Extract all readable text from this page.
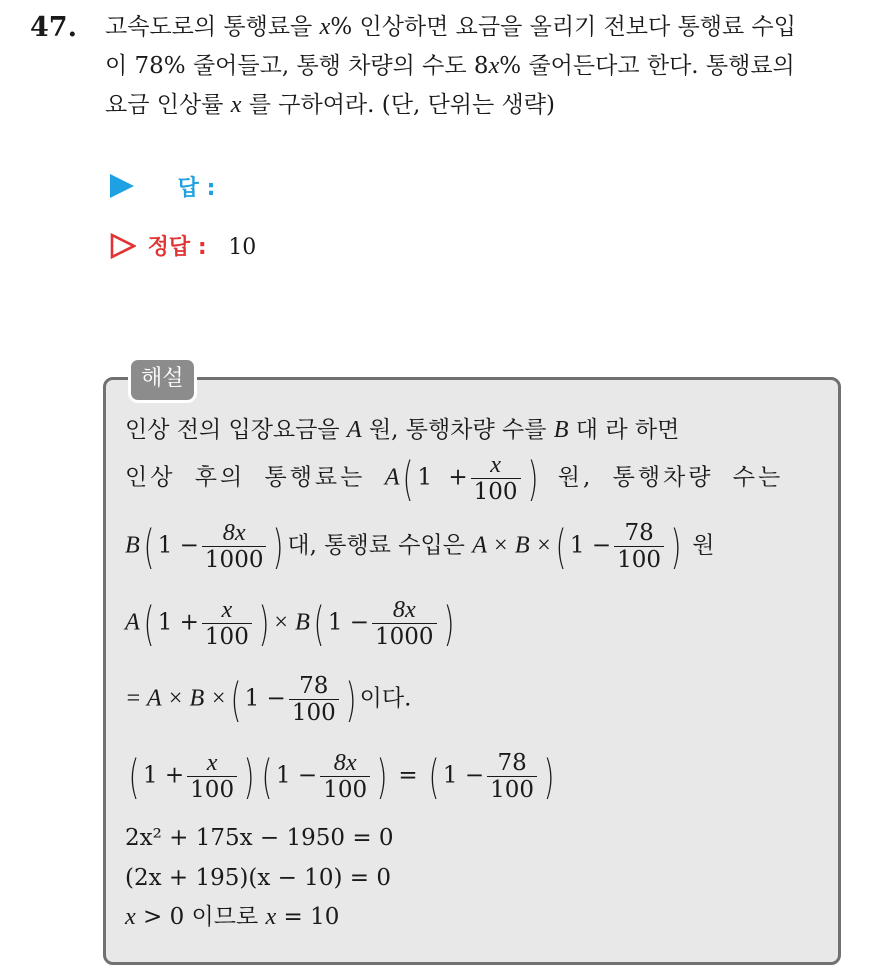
47. 고속도로의 통행료을 x% 인상하면 요금을 올리기 전보다 통행료 수입
이 78% 줄어들고, 통행 차량의 수도 8x% 줄어든다고 한다. 통행료의
요금 인상률 x 를 구하여라. (단, 단위는 생략)
답 :
정답 : 10
해설
인상 전의 입장요금을 A 원, 통행차량 수를 B 대 라 하면
인상 후의 통행료는 A( $1 + \frac{x}{100}$ ) 원, 통행차량 수는
B( $1 - \frac{8x}{1000}$ ) 대, 통행료 수입은 A × B ×( $1 - \frac{78}{100}$ ) 원
A( $1 + \frac{x}{100}$ ) × B( $1 - \frac{8x}{1000}$ )
= A × B ×( $1 - \frac{78}{100}$ ) 이다.
( $1 + \frac{x}{100}$ ) ( $1 - \frac{8x}{100}$ ) = ( $1 - \frac{78}{100}$ )
2x² + 175x − 1950 = 0
(2x + 195)(x − 10) = 0
x > 0 이므로 x = 10
